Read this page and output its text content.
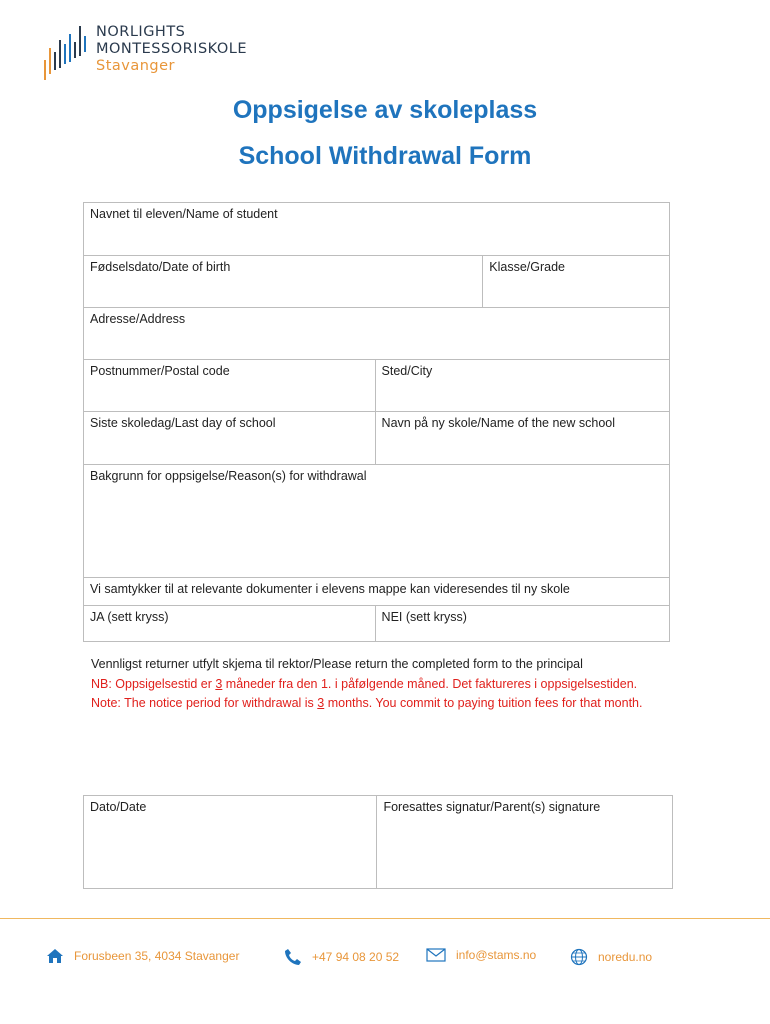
NORLIGHTS
MONTESSORISKOLE
Stavanger
Oppsigelse av skoleplass
School Withdrawal Form
Navnet til eleven/Name of student		
Fødselsdato/Date of birth		Klasse/Grade
Adresse/Address		
Postnummer/Postal code	Sted/City	
Siste skoledag/Last day of school	Navn på ny skole/Name of the new school	
Bakgrunn for oppsigelse/Reason(s) for withdrawal		
Vi samtykker til at relevante dokumenter i elevens mappe kan videresendes til ny skole		
JA (sett kryss)	NEI (sett kryss)	
Vennligst returner utfylt skjema til rektor/Please return the completed form to the principal
NB: Oppsigelsestid er 3 måneder fra den 1. i påfølgende måned. Det faktureres i oppsigelsestiden.
Note: The notice period for withdrawal is 3 months. You commit to paying tuition fees for that month.
Dato/Date	Foresattes signatur/Parent(s) signature
Forusbeen 35, 4034 Stavanger	+47 94 08 20 52	info@stams.no	noredu.no
